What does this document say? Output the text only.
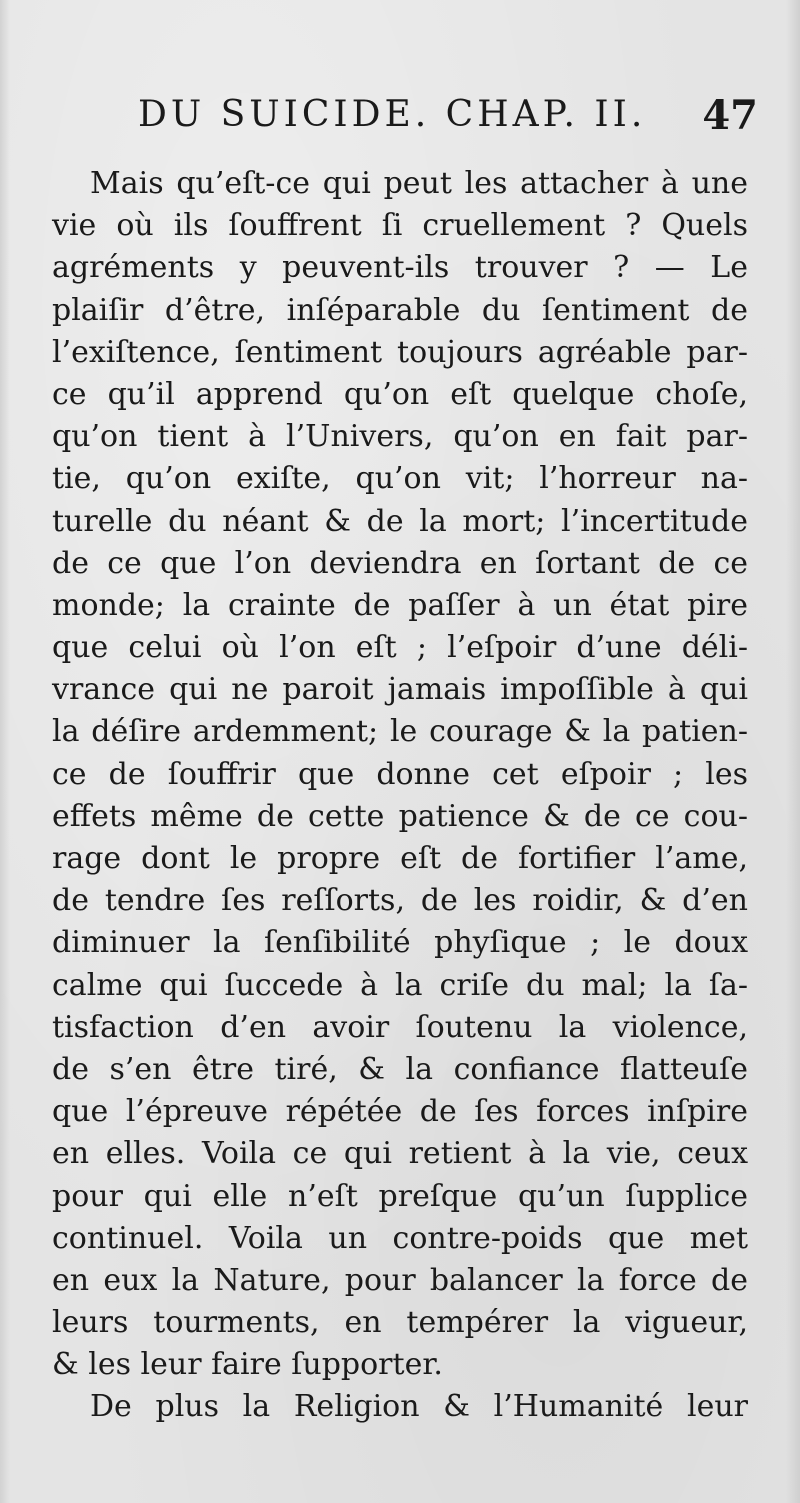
DU SUICIDE. CHAP. II. 47
Mais qu’eſt-ce qui peut les attacher à une
vie où ils ſouffrent ſi cruellement ? Quels
agréments y peuvent-ils trouver ? — Le
plaiſir d’être, inſéparable du ſentiment de
l’exiſtence, ſentiment toujours agréable par-
ce qu’il apprend qu’on eſt quelque choſe,
qu’on tient à l’Univers, qu’on en fait par-
tie, qu’on exiſte, qu’on vit; l’horreur na-
turelle du néant & de la mort; l’incertitude
de ce que l’on deviendra en ſortant de ce
monde; la crainte de paſſer à un état pire
que celui où l’on eſt ; l’eſpoir d’une déli-
vrance qui ne paroit jamais impoſſible à qui
la déſire ardemment; le courage & la patien-
ce de ſouffrir que donne cet eſpoir ; les
effets même de cette patience & de ce cou-
rage dont le propre eſt de fortifier l’ame,
de tendre ſes reſſorts, de les roidir, & d’en
diminuer la ſenſibilité phyſique ; le doux
calme qui ſuccede à la criſe du mal; la ſa-
tisfaction d’en avoir ſoutenu la violence,
de s’en être tiré, & la confiance flatteuſe
que l’épreuve répétée de ſes forces inſpire
en elles. Voila ce qui retient à la vie, ceux
pour qui elle n’eſt preſque qu’un ſupplice
continuel. Voila un contre-poids que met
en eux la Nature, pour balancer la force de
leurs tourments, en tempérer la vigueur,
& les leur faire ſupporter.
De plus la Religion & l’Humanité leur
